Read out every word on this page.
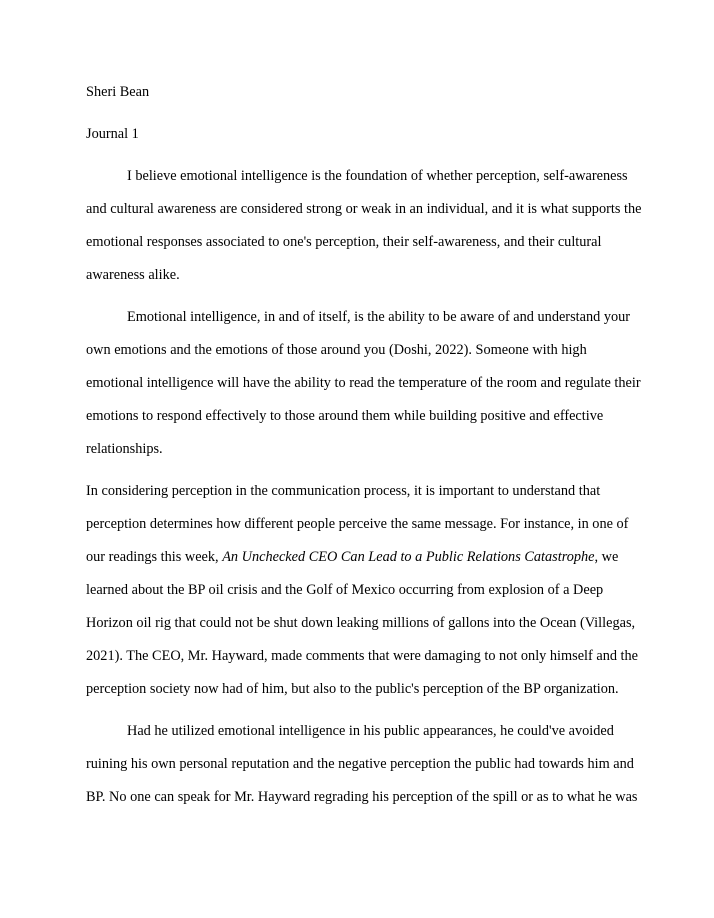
Sheri Bean
Journal 1
I believe emotional intelligence is the foundation of whether perception, self-awareness
and cultural awareness are considered strong or weak in an individual, and it is what supports the
emotional responses associated to one's perception, their self-awareness, and their cultural
awareness alike.
Emotional intelligence, in and of itself, is the ability to be aware of and understand your
own emotions and the emotions of those around you (Doshi, 2022). Someone with high
emotional intelligence will have the ability to read the temperature of the room and regulate their
emotions to respond effectively to those around them while building positive and effective
relationships.
In considering perception in the communication process, it is important to understand that
perception determines how different people perceive the same message. For instance, in one of
our readings this week, An Unchecked CEO Can Lead to a Public Relations Catastrophe, we
learned about the BP oil crisis and the Golf of Mexico occurring from explosion of a Deep
Horizon oil rig that could not be shut down leaking millions of gallons into the Ocean (Villegas,
2021). The CEO, Mr. Hayward, made comments that were damaging to not only himself and the
perception society now had of him, but also to the public's perception of the BP organization.
Had he utilized emotional intelligence in his public appearances, he could've avoided
ruining his own personal reputation and the negative perception the public had towards him and
BP. No one can speak for Mr. Hayward regrading his perception of the spill or as to what he was
